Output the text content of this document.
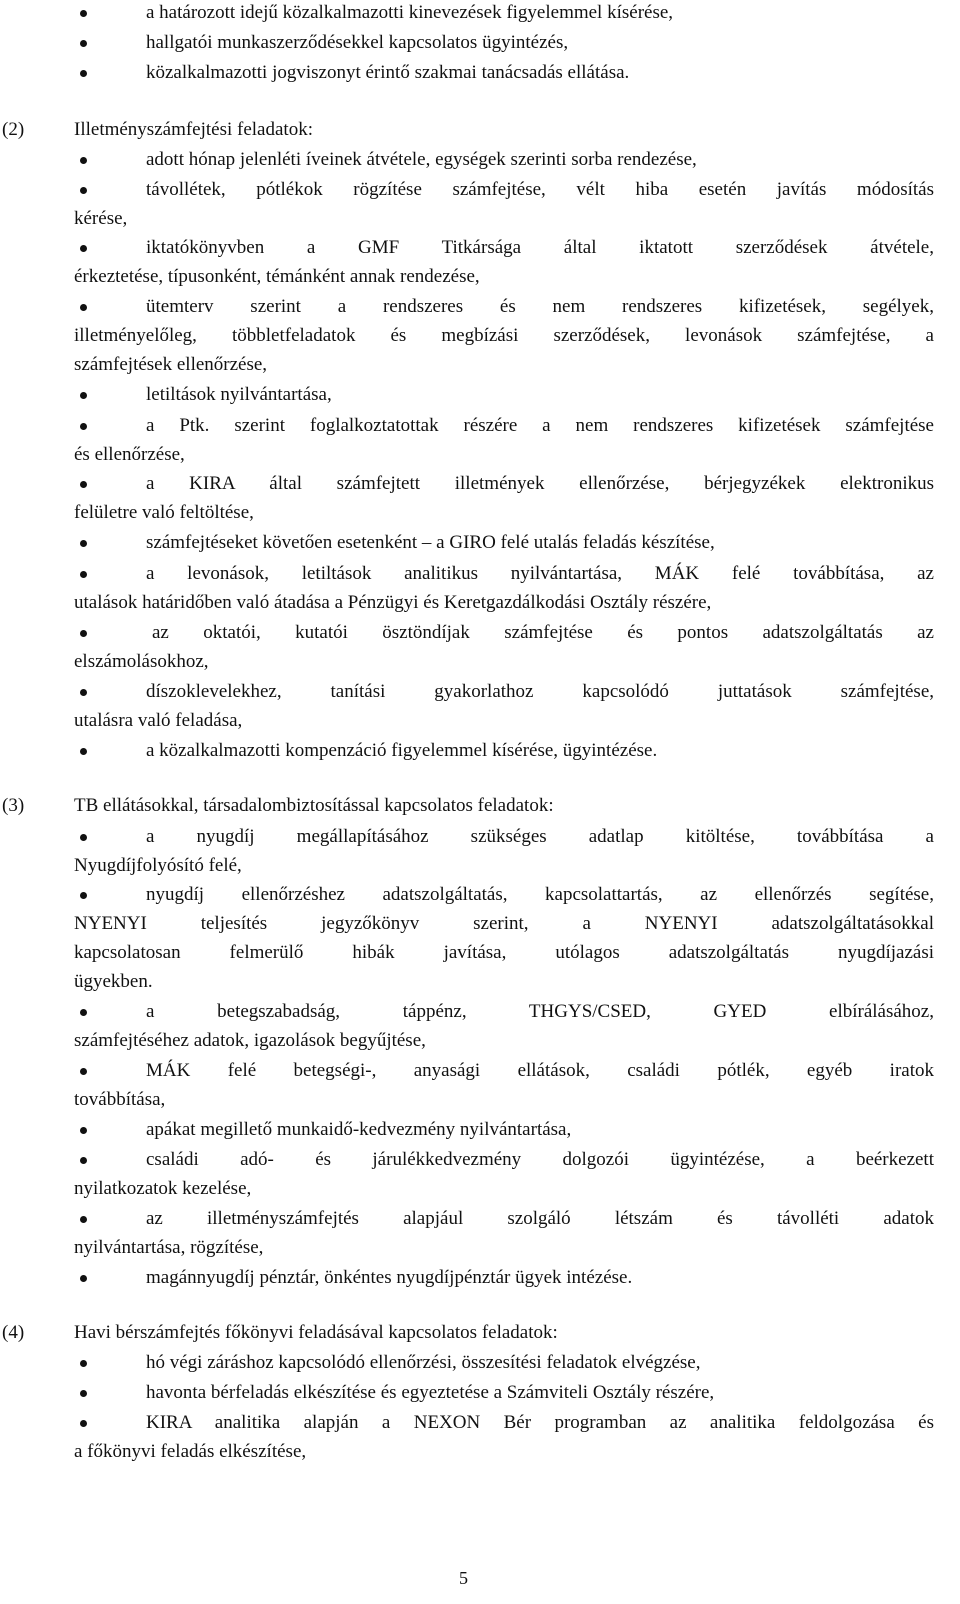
a határozott idejű közalkalmazotti kinevezések figyelemmel kísérése,
hallgatói munkaszerződésekkel kapcsolatos ügyintézés,
közalkalmazotti jogviszonyt érintő szakmai tanácsadás ellátása.
(2)	Illetményszámfejtési feladatok:
adott hónap jelenléti íveinek átvétele, egységek szerinti sorba rendezése,
távollétek, pótlékok rögzítése számfejtése, vélt hiba esetén javítás módosítás
kérése,
iktatókönyvben a GMF Titkársága által iktatott szerződések átvétele,
érkeztetése, típusonként, témánként annak rendezése,
ütemterv szerint a rendszeres és nem rendszeres kifizetések, segélyek,
illetményelőleg, többletfeladatok és megbízási szerződések, levonások számfejtése, a
számfejtések ellenőrzése,
letiltások nyilvántartása,
a Ptk. szerint foglalkoztatottak részére a nem rendszeres kifizetések számfejtése
és ellenőrzése,
a KIRA által számfejtett illetmények ellenőrzése, bérjegyzékek elektronikus
felületre való feltöltése,
számfejtéseket követően esetenként – a GIRO felé utalás feladás készítése,
a levonások, letiltások analitikus nyilvántartása, MÁK felé továbbítása, az
utalások határidőben való átadása a Pénzügyi és Keretgazdálkodási Osztály részére,
az oktatói, kutatói ösztöndíjak számfejtése és pontos adatszolgáltatás az
elszámolásokhoz,
díszoklevelekhez, tanítási gyakorlathoz kapcsolódó juttatások számfejtése,
utalásra való feladása,
a közalkalmazotti kompenzáció figyelemmel kísérése, ügyintézése.
(3)	TB ellátásokkal, társadalombiztosítással kapcsolatos feladatok:
a nyugdíj megállapításához szükséges adatlap kitöltése, továbbítása a
Nyugdíjfolyósító felé,
nyugdíj ellenőrzéshez adatszolgáltatás, kapcsolattartás, az ellenőrzés segítése,
NYENYI teljesítés jegyzőkönyv szerint, a NYENYI adatszolgáltatásokkal
kapcsolatosan felmerülő hibák javítása, utólagos adatszolgáltatás nyugdíjazási
ügyekben.
a betegszabadság, táppénz, THGYS/CSED, GYED elbírálásához,
számfejtéséhez adatok, igazolások begyűjtése,
MÁK felé betegségi-, anyasági ellátások, családi pótlék, egyéb iratok
továbbítása,
apákat megillető munkaidő-kedvezmény nyilvántartása,
családi adó- és járulékkedvezmény dolgozói ügyintézése, a beérkezett
nyilatkozatok kezelése,
az illetményszámfejtés alapjául szolgáló létszám és távolléti adatok
nyilvántartása, rögzítése,
magánnyugdíj pénztár, önkéntes nyugdíjpénztár ügyek intézése.
(4)	Havi bérszámfejtés főkönyvi feladásával kapcsolatos feladatok:
hó végi záráshoz kapcsolódó ellenőrzési, összesítési feladatok elvégzése,
havonta bérfeladás elkészítése és egyeztetése a Számviteli Osztály részére,
KIRA analitika alapján a NEXON Bér programban az analitika feldolgozása és
a főkönyvi feladás elkészítése,
5
